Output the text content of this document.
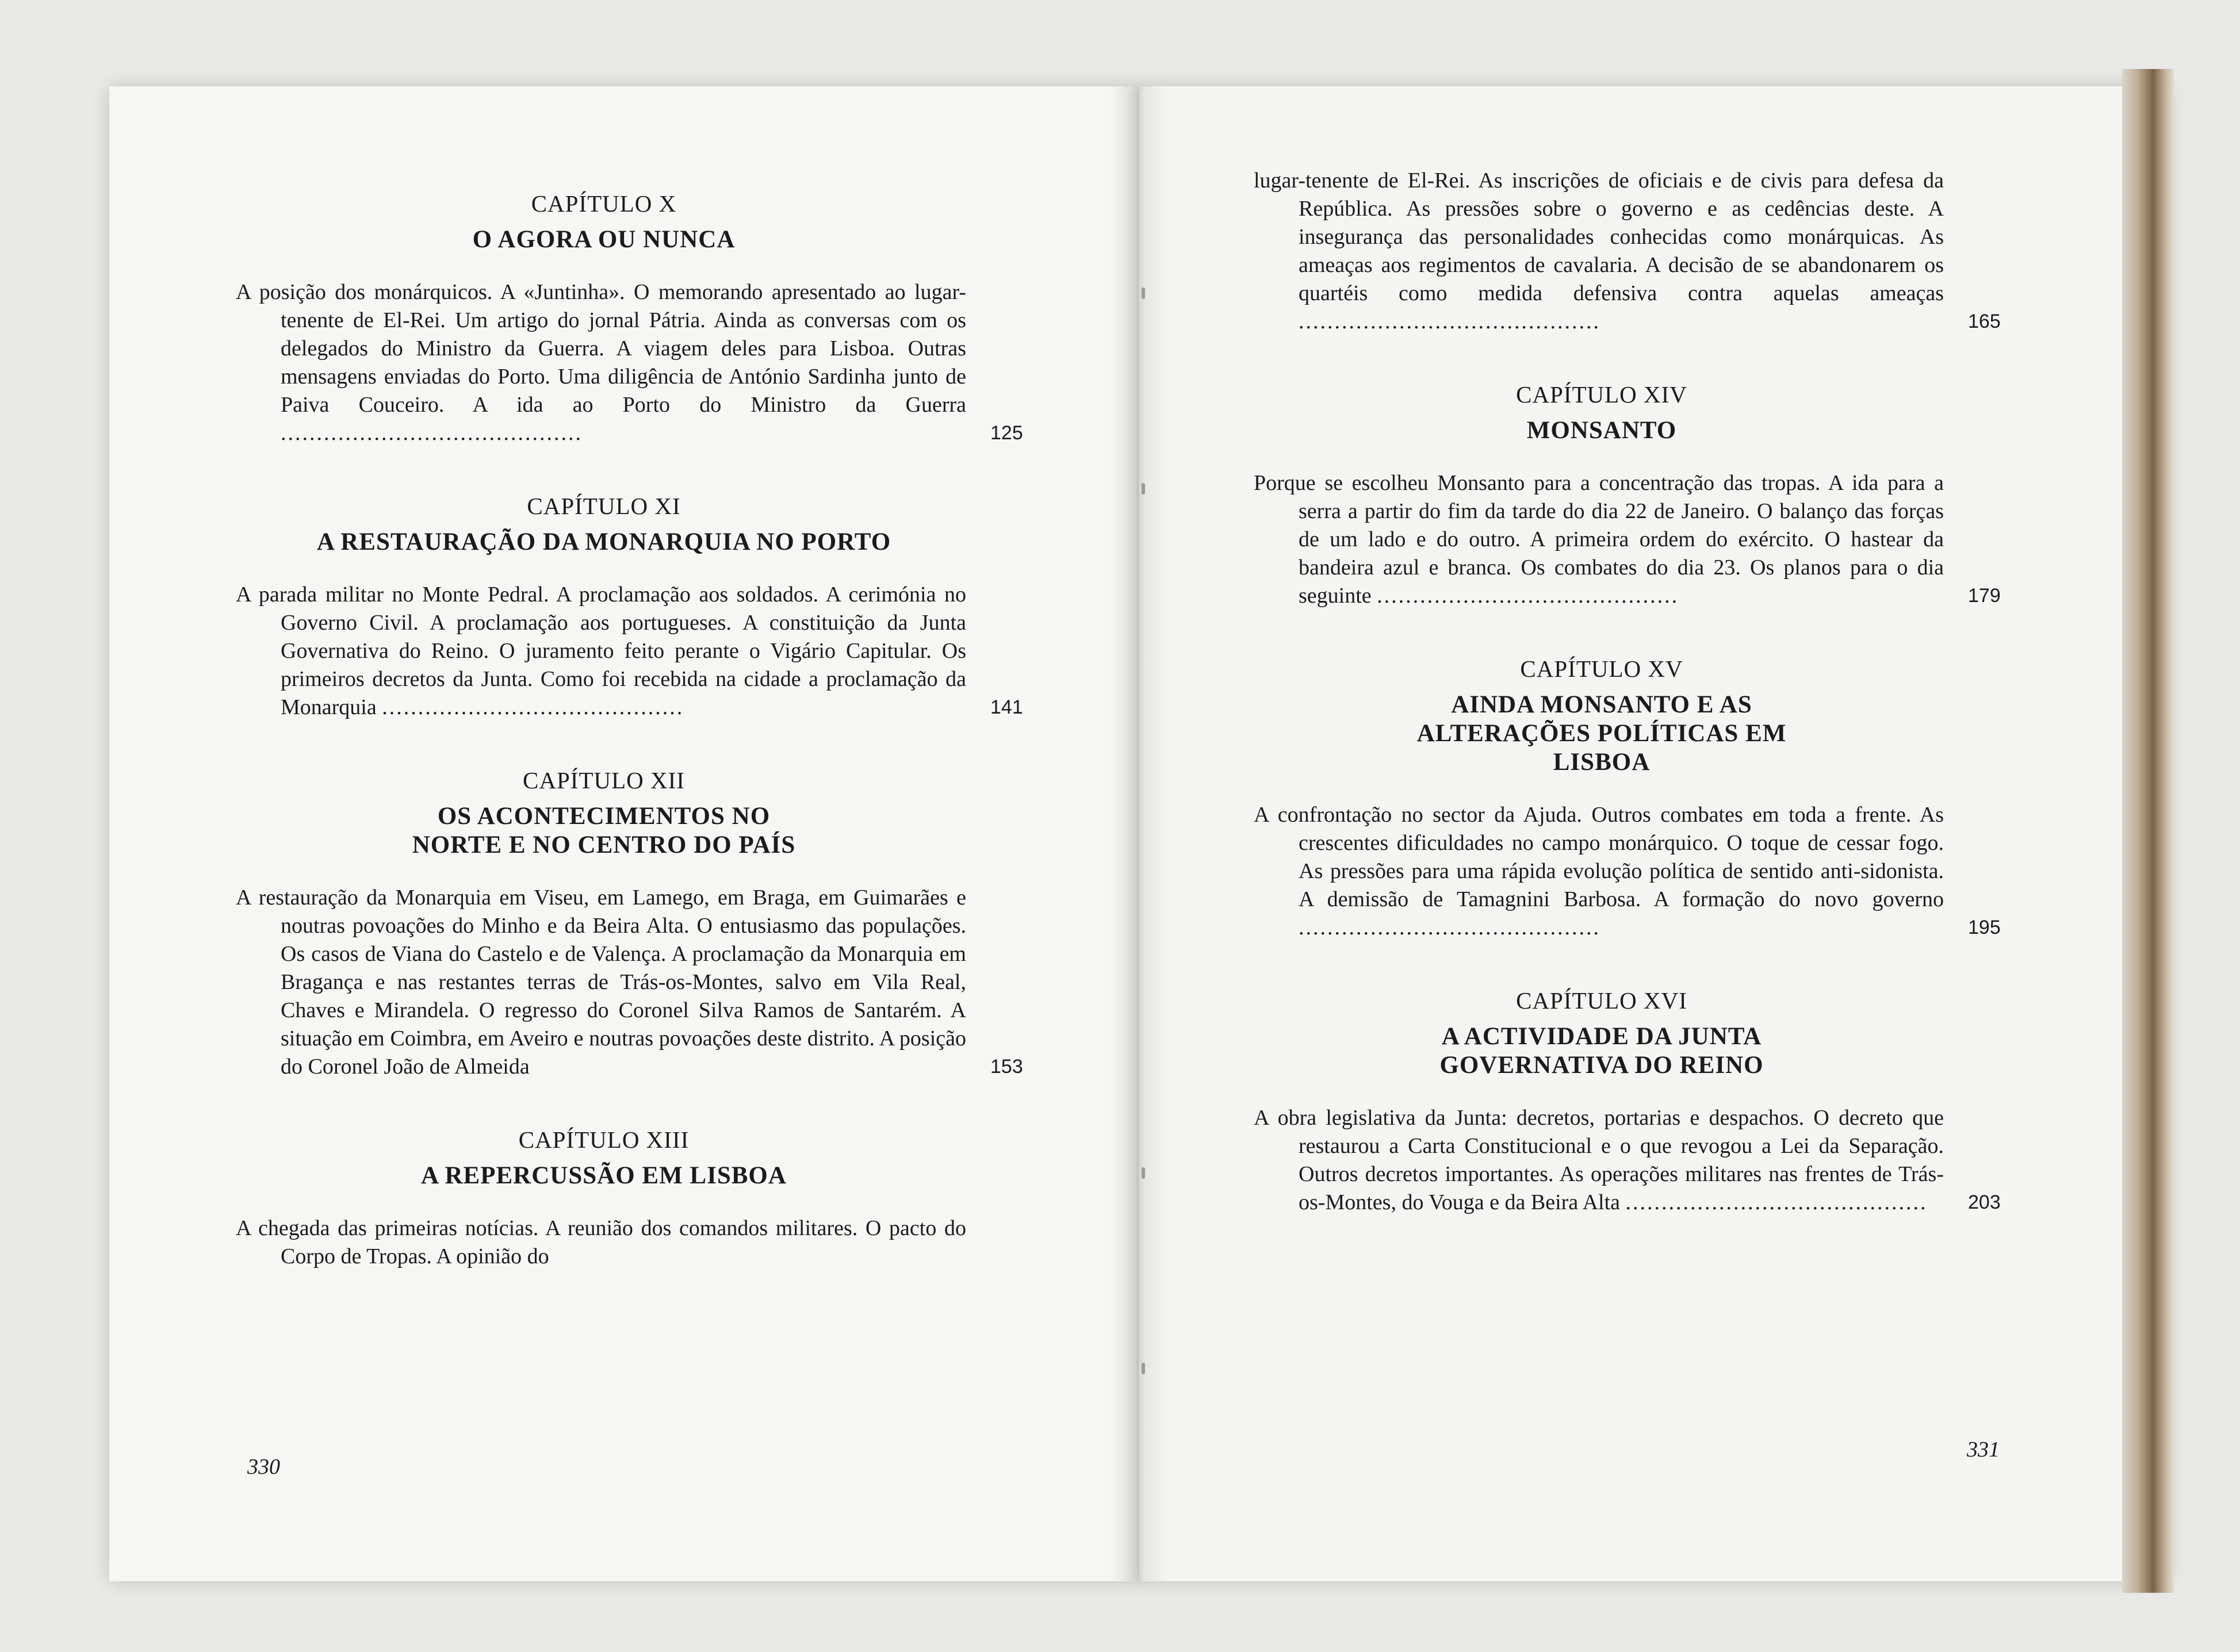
CAPÍTULO X

O AGORA OU NUNCA

A posição dos monárquicos. A «Juntinha». O memorando apresentado ao lugar-tenente de El-Rei. Um artigo do jornal Pátria. Ainda as conversas com os delegados do Ministro da Guerra. A viagem deles para Lisboa. Outras mensagens enviadas do Porto. Uma diligência de António Sardinha junto de Paiva Couceiro. A ida ao Porto do Ministro da Guerra ..........................................

CAPÍTULO XI

A RESTAURAÇÃO DA MONARQUIA NO PORTO

A parada militar no Monte Pedral. A proclamação aos soldados. A cerimónia no Governo Civil. A proclamação aos portugueses. A constituição da Junta Governativa do Reino. O juramento feito perante o Vigário Capitular. Os primeiros decretos da Junta. Como foi recebida na cidade a proclamação da Monarquia ..........................................

CAPÍTULO XII

OS ACONTECIMENTOS NO NORTE E NO CENTRO DO PAÍS

A restauração da Monarquia em Viseu, em Lamego, em Braga, em Guimarães e noutras povoações do Minho e da Beira Alta. O entusiasmo das populações. Os casos de Viana do Castelo e de Valença. A proclamação da Monarquia em Bragança e nas restantes terras de Trás-os-Montes, salvo em Vila Real, Chaves e Mirandela. O regresso do Coronel Silva Ramos de Santarém. A situação em Coimbra, em Aveiro e noutras povoações deste distrito. A posição do Coronel João de Almeida

CAPÍTULO XIII

A REPERCUSSÃO EM LISBOA

A chegada das primeiras notícias. A reunião dos comandos militares. O pacto do Corpo de Tropas. A opinião do

330

lugar-tenente de El-Rei. As inscrições de oficiais e de civis para defesa da República. As pressões sobre o governo e as cedências deste. A insegurança das personalidades conhecidas como monárquicas. As ameaças aos regimentos de cavalaria. A decisão de se abandonarem os quartéis como medida defensiva contra aquelas ameaças ..........................................

CAPÍTULO XIV

MONSANTO

Porque se escolheu Monsanto para a concentração das tropas. A ida para a serra a partir do fim da tarde do dia 22 de Janeiro. O balanço das forças de um lado e do outro. A primeira ordem do exército. O hastear da bandeira azul e branca. Os combates do dia 23. Os planos para o dia seguinte ..........................................

CAPÍTULO XV

AINDA MONSANTO E AS ALTERAÇÕES POLÍTICAS EM LISBOA

A confrontação no sector da Ajuda. Outros combates em toda a frente. As crescentes dificuldades no campo monárquico. O toque de cessar fogo. As pressões para uma rápida evolução política de sentido anti-sidonista. A demissão de Tamagnini Barbosa. A formação do novo governo ..........................................

CAPÍTULO XVI

A ACTIVIDADE DA JUNTA GOVERNATIVA DO REINO

A obra legislativa da Junta: decretos, portarias e despachos. O decreto que restaurou a Carta Constitucional e o que revogou a Lei da Separação. Outros decretos importantes. As operações militares nas frentes de Trás-os-Montes, do Vouga e da Beira Alta ..........................................

331
